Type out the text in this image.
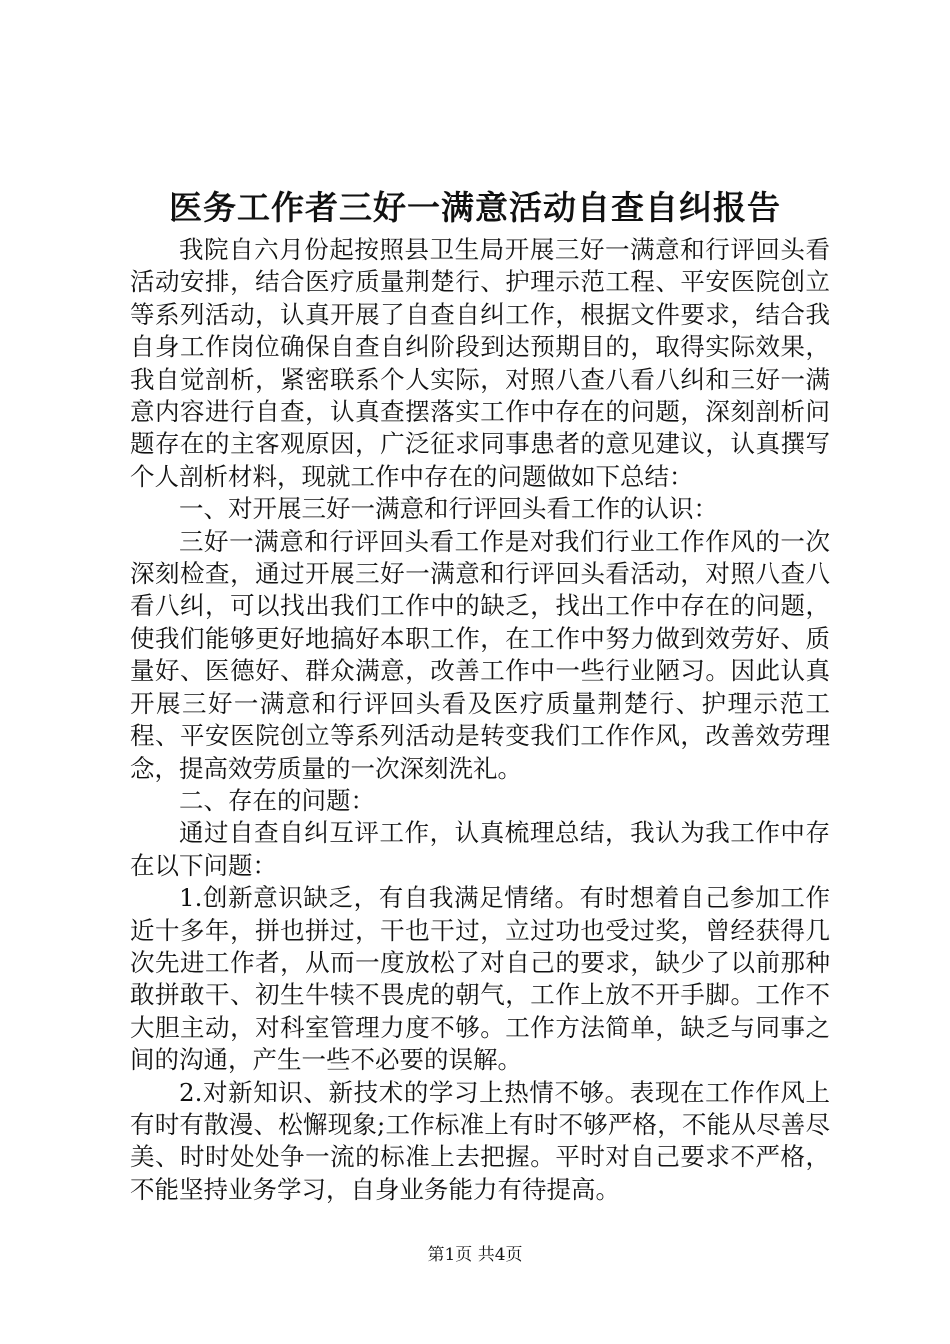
医务工作者三好一满意活动自查自纠报告

我院自六月份起按照县卫生局开展三好一满意和行评回头看活动安排，结合医疗质量荆楚行、护理示范工程、平安医院创立等系列活动，认真开展了自查自纠工作，根据文件要求，结合我自身工作岗位确保自查自纠阶段到达预期目的，取得实际效果，我自觉剖析，紧密联系个人实际，对照八查八看八纠和三好一满意内容进行自查，认真查摆落实工作中存在的问题，深刻剖析问题存在的主客观原因，广泛征求同事患者的意见建议，认真撰写个人剖析材料，现就工作中存在的问题做如下总结：

一、对开展三好一满意和行评回头看工作的认识：

三好一满意和行评回头看工作是对我们行业工作作风的一次深刻检查，通过开展三好一满意和行评回头看活动，对照八查八看八纠，可以找出我们工作中的缺乏，找出工作中存在的问题，使我们能够更好地搞好本职工作，在工作中努力做到效劳好、质量好、医德好、群众满意，改善工作中一些行业陋习。因此认真开展三好一满意和行评回头看及医疗质量荆楚行、护理示范工程、平安医院创立等系列活动是转变我们工作作风，改善效劳理念，提高效劳质量的一次深刻洗礼。

二、存在的问题：

通过自查自纠互评工作，认真梳理总结，我认为我工作中存在以下问题：

1.创新意识缺乏，有自我满足情绪。有时想着自己参加工作近十多年，拼也拼过，干也干过，立过功也受过奖，曾经获得几次先进工作者，从而一度放松了对自己的要求，缺少了以前那种敢拼敢干、初生牛犊不畏虎的朝气，工作上放不开手脚。工作不大胆主动，对科室管理力度不够。工作方法简单，缺乏与同事之间的沟通，产生一些不必要的误解。

2.对新知识、新技术的学习上热情不够。表现在工作作风上有时有散漫、松懈现象;工作标准上有时不够严格，不能从尽善尽美、时时处处争一流的标准上去把握。平时对自己要求不严格，不能坚持业务学习，自身业务能力有待提高。

第1页 共4页
